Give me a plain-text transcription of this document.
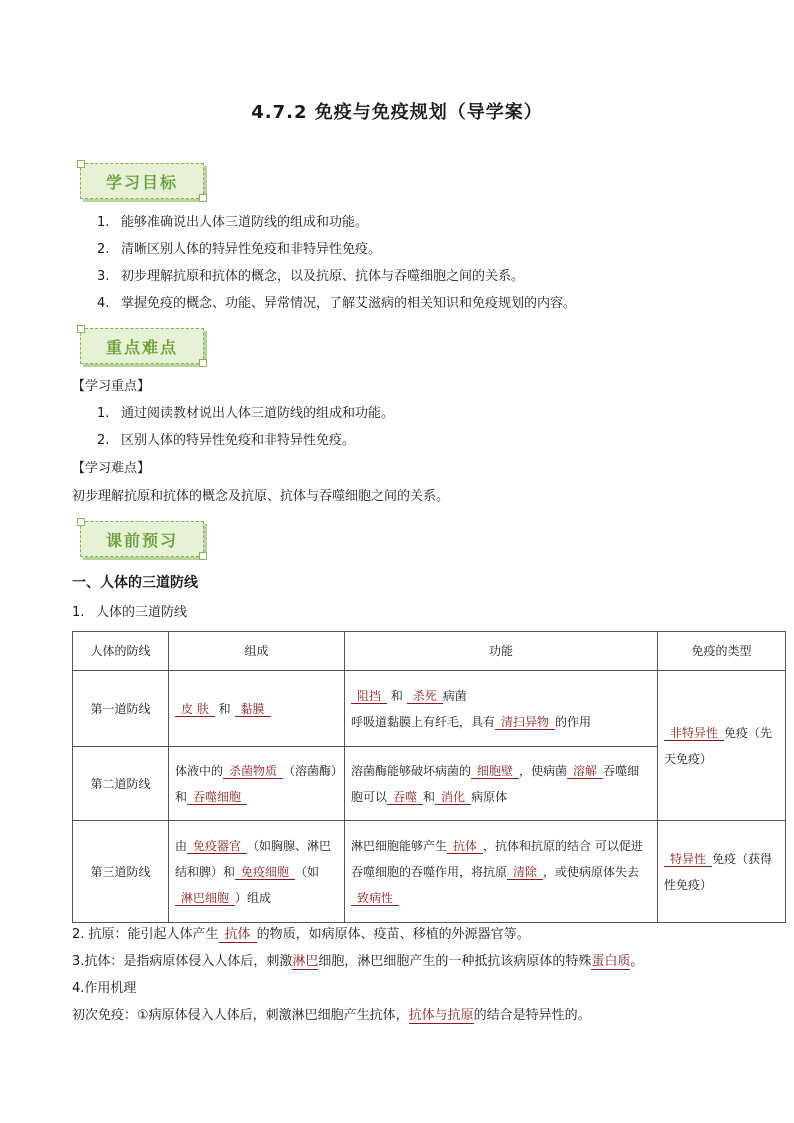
4.7.2 免疫与免疫规划（导学案）
学习目标
1. 能够准确说出人体三道防线的组成和功能。
2. 清晰区别人体的特异性免疫和非特异性免疫。
3. 初步理解抗原和抗体的概念，以及抗原、抗体与吞噬细胞之间的关系。
4. 掌握免疫的概念、功能、异常情况，了解艾滋病的相关知识和免疫规划的内容。
重点难点
【学习重点】
1. 通过阅读教材说出人体三道防线的组成和功能。
2. 区别人体的特异性免疫和非特异性免疫。
【学习难点】
初步理解抗原和抗体的概念及抗原、抗体与吞噬细胞之间的关系。
课前预习
一、人体的三道防线
1. 人体的三道防线
人体的防线	组成	功能	免疫的类型
第一道防线	皮 肤 和 黏膜	阻挡 和 杀死 病菌
呼吸道黏膜上有纤毛，具有 清扫异物 的作用	非特异性 免疫（先天免疫）
第二道防线	体液中的 杀菌物质 （溶菌酶）和 吞噬细胞	溶菌酶能够破坏病菌的 细胞壁 ，使病菌 溶解 吞噬细胞可以 吞噬 和 消化 病原体	
第三道防线	由 免疫器官 （如胸腺、淋巴结和脾）和 免疫细胞 （如淋巴细胞 ）组成	淋巴细胞能够产生 抗体 ，抗体和抗原的结合 可以促进吞噬细胞的吞噬作用，将抗原 清除 ，或使病原体失去致病性	特异性 免疫（获得性免疫）
2. 抗原：能引起人体产生 抗体 的物质，如病原体、疫苗、移植的外源器官等。
3.抗体：是指病原体侵入人体后，刺激淋巴细胞，淋巴细胞产生的一种抵抗该病原体的特殊蛋白质。
4.作用机理
初次免疫：①病原体侵入人体后，刺激淋巴细胞产生抗体，抗体与抗原的结合是特异性的。
